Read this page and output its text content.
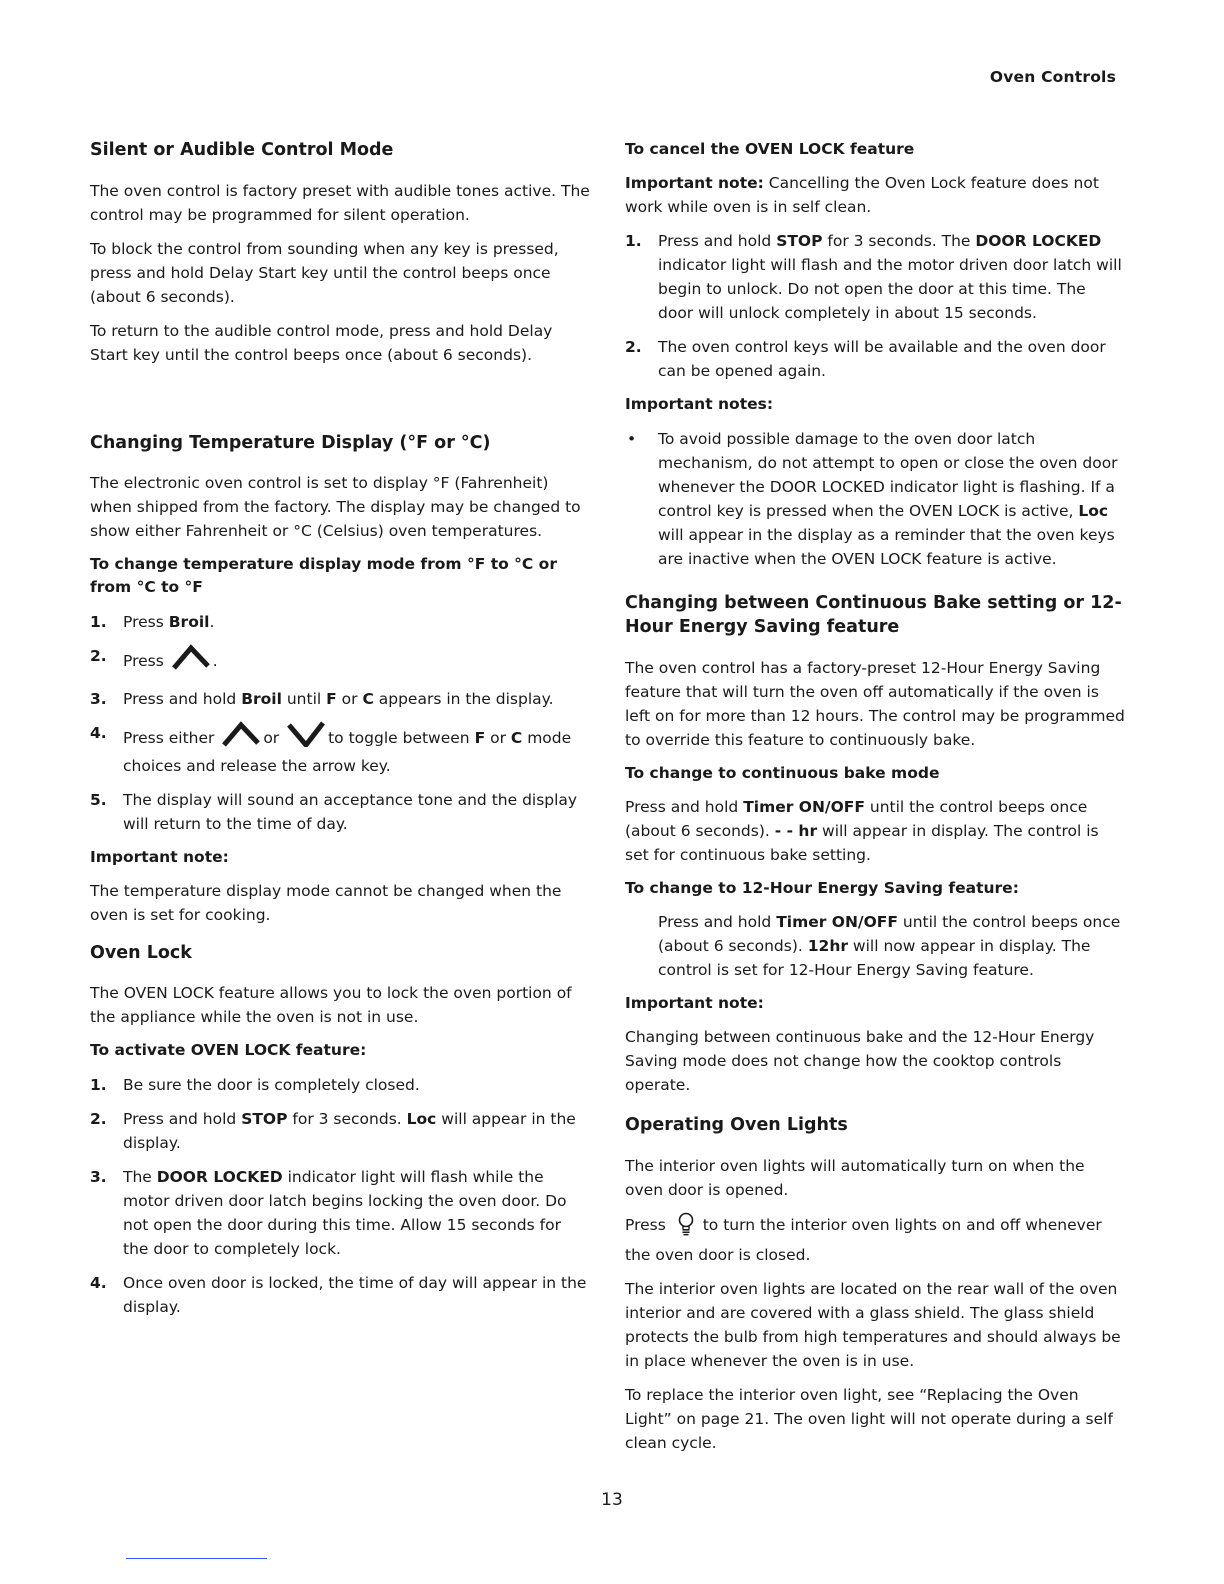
Oven Controls
Silent or Audible Control Mode

The oven control is factory preset with audible tones active. The control may be programmed for silent operation.

To block the control from sounding when any key is pressed, press and hold Delay Start key until the control beeps once (about 6 seconds).

To return to the audible control mode, press and hold Delay Start key until the control beeps once (about 6 seconds).

Changing Temperature Display (°F or °C)

The electronic oven control is set to display °F (Fahrenheit) when shipped from the factory. The display may be changed to show either Fahrenheit or °C (Celsius) oven temperatures.

To change temperature display mode from °F to °C or from °C to °F
1. Press Broil.
2. Press	.
3. Press and hold Broil until F or C appears in the display.
4. Press either	or	to toggle between F or C mode choices and release the arrow key.
5. The display will sound an acceptance tone and the display will return to the time of day.
Important note:

The temperature display mode cannot be changed when the oven is set for cooking.

Oven Lock

The OVEN LOCK feature allows you to lock the oven portion of the appliance while the oven is not in use.

To activate OVEN LOCK feature:
1. Be sure the door is completely closed.
2. Press and hold STOP for 3 seconds. Loc will appear in the display.
3. The DOOR LOCKED indicator light will flash while the motor driven door latch begins locking the oven door. Do not open the door during this time. Allow 15 seconds for the door to completely lock.
4. Once oven door is locked, the time of day will appear in the display.
To cancel the OVEN LOCK feature

Important note: Cancelling the Oven Lock feature does not work while oven is in self clean.

1. Press and hold STOP for 3 seconds. The DOOR LOCKED indicator light will flash and the motor driven door latch will begin to unlock. Do not open the door at this time. The door will unlock completely in about 15 seconds.
2. The oven control keys will be available and the oven door can be opened again.
Important notes:
• To avoid possible damage to the oven door latch mechanism, do not attempt to open or close the oven door whenever the DOOR LOCKED indicator light is flashing. If a control key is pressed when the OVEN LOCK is active, Loc will appear in the display as a reminder that the oven keys are inactive when the OVEN LOCK feature is active.
Changing between Continuous Bake setting or 12-Hour Energy Saving feature

The oven control has a factory-preset 12-Hour Energy Saving feature that will turn the oven off automatically if the oven is left on for more than 12 hours. The control may be programmed to override this feature to continuously bake.

To change to continuous bake mode

Press and hold Timer ON/OFF until the control beeps once (about 6 seconds). - - hr will appear in display. The control is set for continuous bake setting.

To change to 12-Hour Energy Saving feature:

Press and hold Timer ON/OFF until the control beeps once (about 6 seconds). 12hr will now appear in display. The control is set for 12-Hour Energy Saving feature.

Important note:

Changing between continuous bake and the 12-Hour Energy Saving mode does not change how the cooktop controls operate.

Operating Oven Lights

The interior oven lights will automatically turn on when the oven door is opened.

Press to turn the interior oven lights on and off whenever the oven door is closed.

The interior oven lights are located on the rear wall of the oven interior and are covered with a glass shield. The glass shield protects the bulb from high temperatures and should always be in place whenever the oven is in use.

To replace the interior oven light, see “Replacing the Oven Light” on page 21. The oven light will not operate during a self clean cycle.

13
